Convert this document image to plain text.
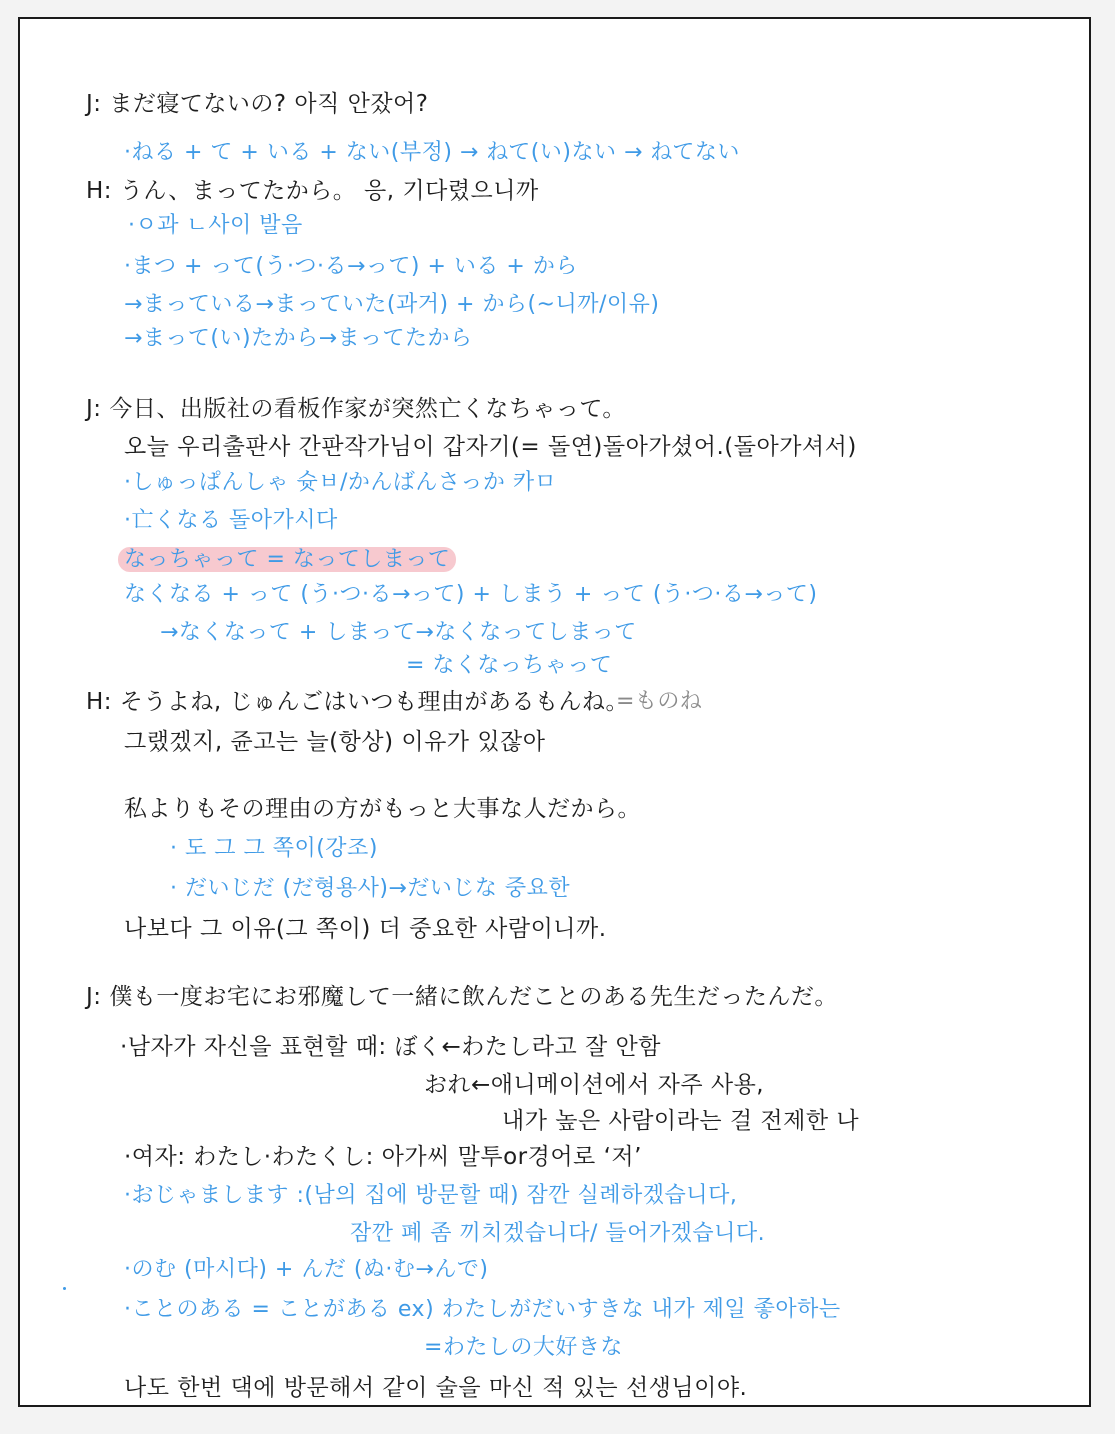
J: まだ寝てないの? 아직 안잤어?
·ねる + て + いる + ない(부정) → ねて(い)ない → ねてない
H: うん、まってたから。 응, 기다렸으니까
·ㅇ과 ㄴ사이 발음
·まつ + って(う·つ·る→って) + いる + から
→まっている→まっていた(과거) + から(~니까/이유)
→まって(い)たから→まってたから
J: 今日、出版社の看板作家が突然亡くなちゃって。
오늘 우리출판사 간판작가님이 갑자기(= 돌연)돌아가셨어.(돌아가셔서)
·しゅっぱんしゃ 슛ㅂ/かんばんさっか 카ㅁ
·亡くなる 돌아가시다
なっちゃって = なってしまって
なくなる + って (う·つ·る→って) + しまう + って (う·つ·る→って)
→なくなって + しまって→なくなってしまって
= なくなっちゃって
H: そうよね, じゅんごはいつも理由があるもんね。
=ものね
그랬겠지, 쥰고는 늘(항상) 이유가 있잖아
私よりもその理由の方がもっと大事な人だから。
· 도 그 그 쪽이(강조)
· だいじだ (だ형용사)→だいじな 중요한
나보다 그 이유(그 쪽이) 더 중요한 사람이니까.
J: 僕も一度お宅にお邪魔して一緒に飲んだことのある先生だったんだ。
·남자가 자신을 표현할 때: ぼく←わたし라고 잘 안함
おれ←애니메이션에서 자주 사용,
내가 높은 사람이라는 걸 전제한 나
·여자: わたし·わたくし: 아가씨 말투or경어로 ‘저’
·おじゃまします :(남의 집에 방문할 때) 잠깐 실례하겠습니다,
잠깐 폐 좀 끼치겠습니다/ 들어가겠습니다.
·のむ (마시다) + んだ (ぬ·む→んで)
·ことのある = ことがある ex) わたしがだいすきな 내가 제일 좋아하는
=わたしの大好きな
나도 한번 댁에 방문해서 같이 술을 마신 적 있는 선생님이야.
